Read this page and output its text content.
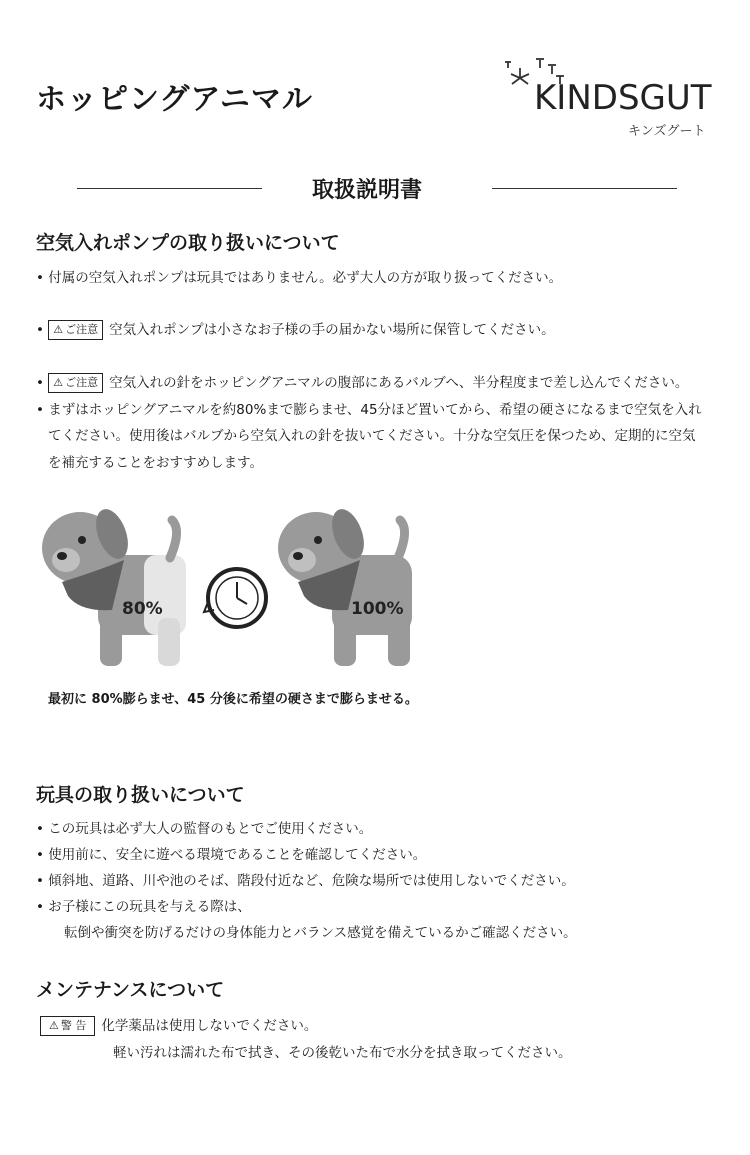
ホッピングアニマル	KINDSGUT
キンズグート
取扱説明書
空気入れポンプの取り扱いについて
• 付属の空気入れポンプは玩具ではありません。必ず大人の方が取り扱ってください。
• ⚠ ご注意 空気入れポンプは小さなお子様の手の届かない場所に保管してください。
• ⚠ ご注意 空気入れの針をホッピングアニマルの腹部にあるバルブへ、半分程度まで差し込んでください。
• まずはホッピングアニマルを約80%まで膨らませ、45分ほど置いてから、希望の硬さになるまで空気を入れ
てください。使用後はバルブから空気入れの針を抜いてください。十分な空気圧を保つため、定期的に空気
を補充することをおすすめします。
80%	100%
最初に 80%膨らませ、45 分後に希望の硬さまで膨らませる。
玩具の取り扱いについて
• この玩具は必ず大人の監督のもとでご使用ください。
• 使用前に、安全に遊べる環境であることを確認してください。
• 傾斜地、道路、川や池のそば、階段付近など、危険な場所では使用しないでください。
• お子様にこの玩具を与える際は、
転倒や衝突を防げるだけの身体能力とバランス感覚を備えているかご確認ください。
メンテナンスについて
⚠ 警 告 化学薬品は使用しないでください。
軽い汚れは濡れた布で拭き、その後乾いた布で水分を拭き取ってください。
